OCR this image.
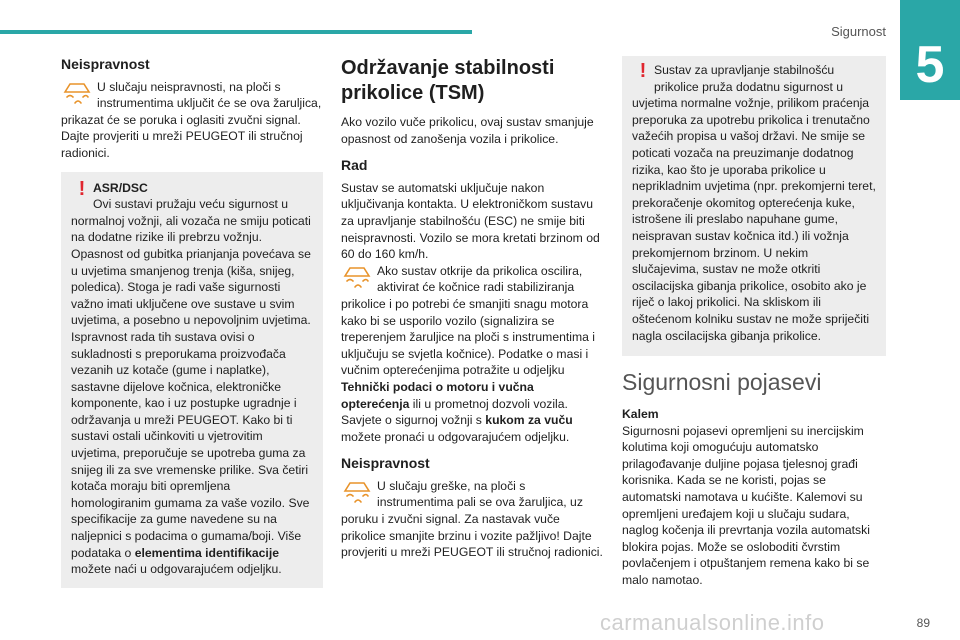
Sigurnost
5
Neispravnost

U slučaju neispravnosti, na ploči s instrumentima uključit će se ova žaruljica, prikazat će se poruka i oglasiti zvučni signal. Dajte provjeriti u mreži PEUGEOT ili stručnoj radionici.

! ASR/DSC

Ovi sustavi pružaju veću sigurnost u normalnoj vožnji, ali vozača ne smiju poticati na dodatne rizike ili prebrzu vožnju. Opasnost od gubitka prianjanja povećava se u uvjetima smanjenog trenja (kiša, snijeg, poledica). Stoga je radi vaše sigurnosti važno imati uključene ove sustave u svim uvjetima, a posebno u nepovoljnim uvjetima. Ispravnost rada tih sustava ovisi o sukladnosti s preporukama proizvođača vezanih uz kotače (gume i naplatke), sastavne dijelove kočnica, elektroničke komponente, kao i uz postupke ugradnje i održavanja u mreži PEUGEOT. Kako bi ti sustavi ostali učinkoviti u vjetrovitim uvjetima, preporučuje se upotreba guma za snijeg ili za sve vremenske prilike. Sva četiri kotača moraju biti opremljena homologiranim gumama za vaše vozilo. Sve specifikacije za gume navedene su na naljepnici s podacima o gumama/boji. Više podataka o elementima identifikacije možete naći u odgovarajućem odjeljku.

Održavanje stabilnosti prikolice (TSM)

Ako vozilo vuče prikolicu, ovaj sustav smanjuje opasnost od zanošenja vozila i prikolice.

Rad

Sustav se automatski uključuje nakon uključivanja kontakta. U elektroničkom sustavu za upravljanje stabilnošću (ESC) ne smije biti neispravnosti. Vozilo se mora kretati brzinom od 60 do 160 km/h.

Ako sustav otkrije da prikolica oscilira, aktivirat će kočnice radi stabiliziranja prikolice i po potrebi će smanjiti snagu motora kako bi se usporilo vozilo (signalizira se treperenjem žaruljice na ploči s instrumentima i uključuju se svjetla kočnice). Podatke o masi i vučnim opterećenjima potražite u odjeljku Tehnički podaci o motoru i vučna opterećenja ili u prometnoj dozvoli vozila. Savjete o sigurnoj vožnji s kukom za vuču možete pronaći u odgovarajućem odjeljku.

Neispravnost

U slučaju greške, na ploči s instrumentima pali se ova žaruljica, uz poruku i zvučni signal. Za nastavak vuče prikolice smanjite brzinu i vozite pažljivo! Dajte provjeriti u mreži PEUGEOT ili stručnoj radionici.

! Sustav za upravljanje stabilnošću prikolice pruža dodatnu sigurnost u uvjetima normalne vožnje, prilikom praćenja preporuka za upotrebu prikolica i trenutačno važećih propisa u vašoj državi. Ne smije se poticati vozača na preuzimanje dodatnog rizika, kao što je uporaba prikolice u neprikladnim uvjetima (npr. prekomjerni teret, prekoračenje okomitog opterećenja kuke, istrošene ili preslabo napuhane gume, neispravan sustav kočnica itd.) ili vožnja prekomjernom brzinom. U nekim slučajevima, sustav ne može otkriti oscilacijska gibanja prikolice, osobito ako je riječ o lakoj prikolici. Na skliskom ili oštećenom kolniku sustav ne može spriječiti nagla oscilacijska gibanja prikolice.

Sigurnosni pojasevi

Kalem

Sigurnosni pojasevi opremljeni su inercijskim kolutima koji omogućuju automatsko prilagođavanje duljine pojasa tjelesnoj građi korisnika. Kada se ne koristi, pojas se automatski namotava u kućište. Kalemovi su opremljeni uređajem koji u slučaju sudara, naglog kočenja ili prevrtanja vozila automatski blokira pojas. Može se osloboditi čvrstim povlačenjem i otpuštanjem remena kako bi se malo namotao.

89
carmanualsonline.info
